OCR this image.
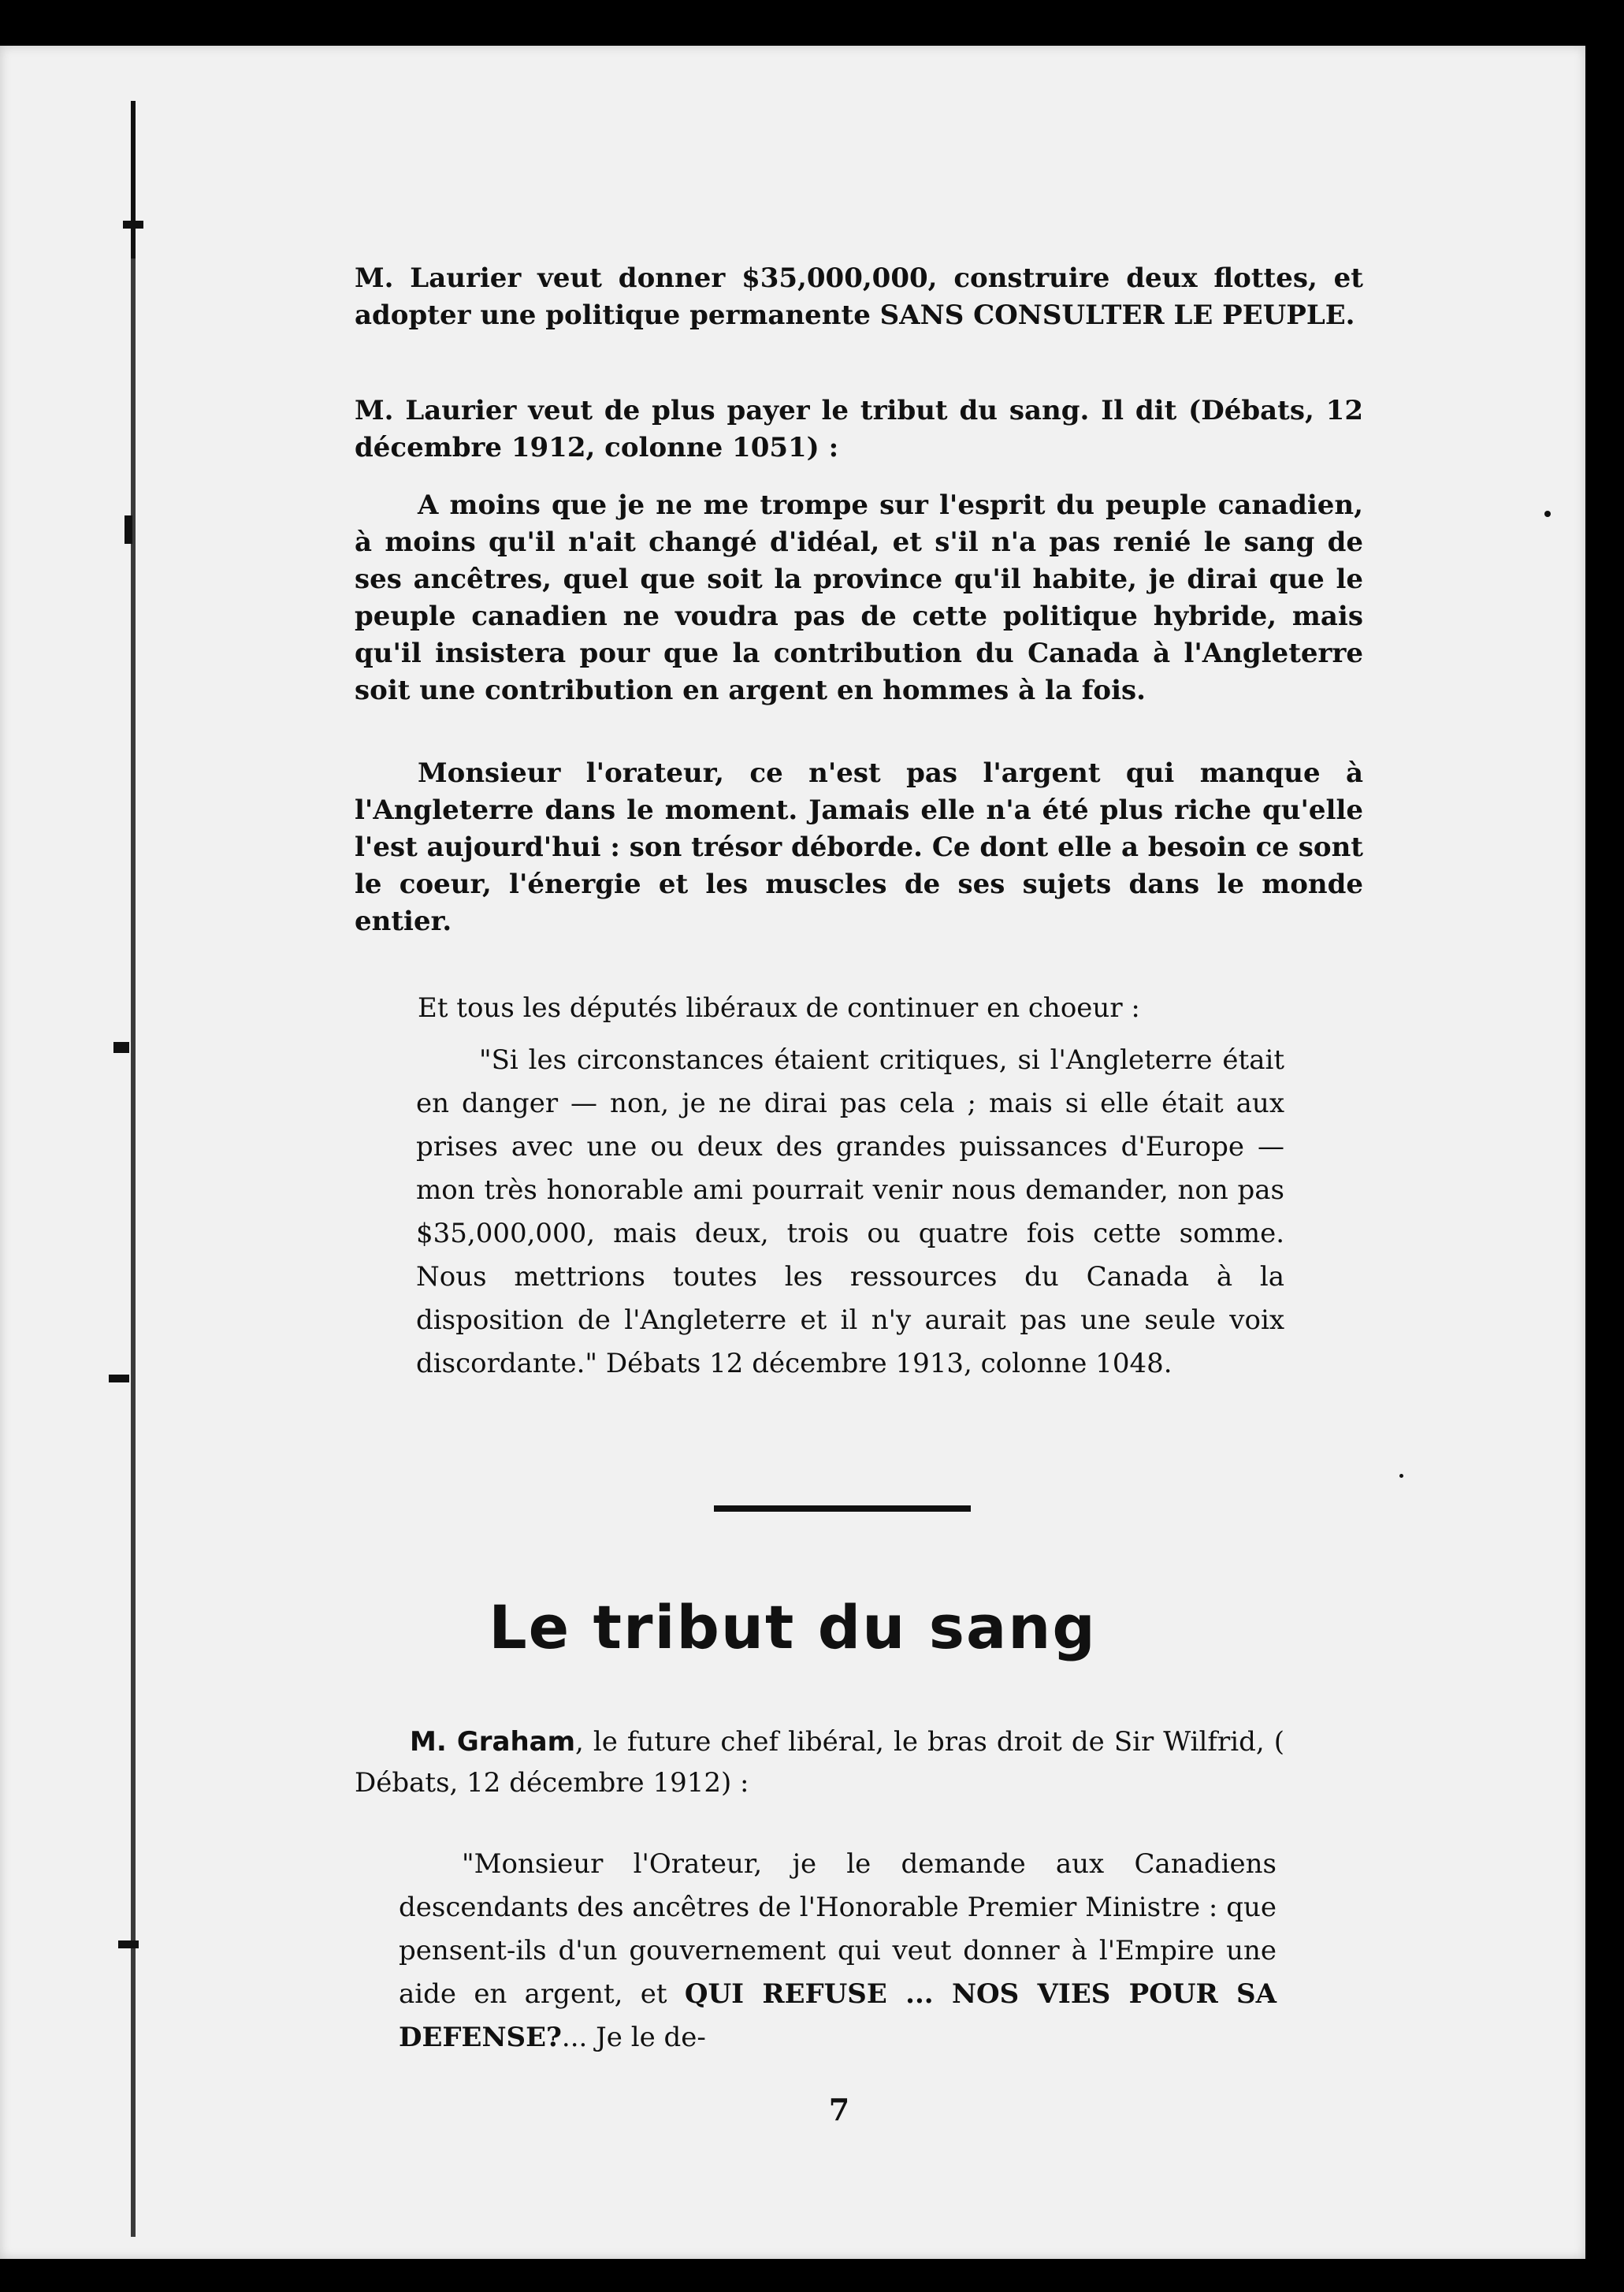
M. Laurier veut donner $35,000,000, construire deux flottes, et adopter une politique permanente SANS CONSULTER LE PEUPLE.
M. Laurier veut de plus payer le tribut du sang. Il dit (Débats, 12 décembre 1912, colonne 1051) :
A moins que je ne me trompe sur l'esprit du peuple canadien, à moins qu'il n'ait changé d'idéal, et s'il n'a pas renié le sang de ses ancêtres, quel que soit la province qu'il habite, je dirai que le peuple canadien ne voudra pas de cette politique hybride, mais qu'il insistera pour que la contribution du Canada à l'Angleterre soit une contribution en argent en hommes à la fois.
Monsieur l'orateur, ce n'est pas l'argent qui manque à l'Angleterre dans le moment. Jamais elle n'a été plus riche qu'elle l'est aujourd'hui : son trésor déborde. Ce dont elle a besoin ce sont le coeur, l'énergie et les muscles de ses sujets dans le monde entier.
Et tous les députés libéraux de continuer en choeur :
"Si les circonstances étaient critiques, si l'Angleterre était en danger — non, je ne dirai pas cela ; mais si elle était aux prises avec une ou deux des grandes puissances d'Europe — mon très honorable ami pourrait venir nous demander, non pas $35,000,000, mais deux, trois ou quatre fois cette somme. Nous mettrions toutes les ressources du Canada à la disposition de l'Angleterre et il n'y aurait pas une seule voix discordante." Débats 12 décembre 1913, colonne 1048.
Le tribut du sang
M. Graham, le future chef libéral, le bras droit de Sir Wilfrid, ( Débats, 12 décembre 1912) :
"Monsieur l'Orateur, je le demande aux Canadiens descendants des ancêtres de l'Honorable Premier Ministre : que pensent-ils d'un gouvernement qui veut donner à l'Empire une aide en argent, et QUI REFUSE ... NOS VIES POUR SA DEFENSE?... Je le de-
7
